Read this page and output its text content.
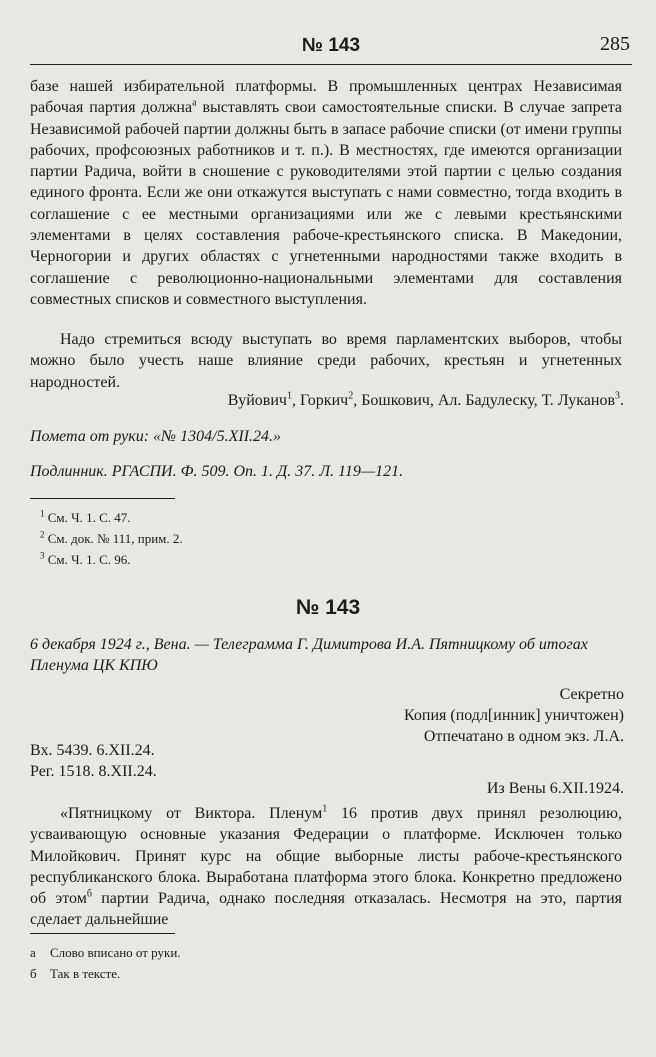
№ 143	285

базе нашей избирательной платформы. В промышленных центрах Независимая рабочая партия должна$^а$ выставлять свои самостоятельные списки. В случае запрета Независимой рабочей партии должны быть в запасе рабочие списки (от имени группы рабочих, профсоюзных работников и т. п.). В местностях, где имеются организации партии Радича, войти в сношение с руководителями этой партии с целью создания единого фронта. Если же они откажутся выступать с нами совместно, тогда входить в соглашение с ее местными организациями или же с левыми крестьянскими элементами в целях составления рабоче-крестьянского списка. В Македонии, Черногории и других областях с угнетенными народностями также входить в соглашение с революционно-национальными элементами для составления совместных списков и совместного выступления.

Надо стремиться всюду выступать во время парламентских выборов, чтобы можно было учесть наше влияние среди рабочих, крестьян и угнетенных народностей.

Вуйович$^1$, Горкич$^2$, Бошкович, Ал. Бадулеску, Т. Луканов$^3$.
Помета от руки: «№ 1304/5.XII.24.»
Подлинник. РГАСПИ. Ф. 509. Оп. 1. Д. 37. Л. 119—121.
$^1$ См. Ч. 1. С. 47.
$^2$ См. док. № 111, прим. 2.
$^3$ См. Ч. 1. С. 96.
№ 143
6 декабря 1924 г., Вена. — Телеграмма Г. Димитрова И.А. Пятницкому об итогах Пленума ЦК КПЮ
Секретно
Копия (подл[инник] уничтожен)
Отпечатано в одном экз. Л.А.
Вх. 5439. 6.XII.24.
Рег. 1518. 8.XII.24.
Из Вены 6.XII.1924.

«Пятницкому от Виктора. Пленум$^1$ 16 против двух принял резолюцию, усваивающую основные указания Федерации о платформе. Исключен только Милойкович. Принят курс на общие выборные листы рабоче-крестьянского республиканского блока. Выработана платформа этого блока. Конкретно предложено об этом$^б$ партии Радича, однако последняя отказалась. Несмотря на это, партия сделает дальнейшие

а Слово вписано от руки.
б Так в тексте.
